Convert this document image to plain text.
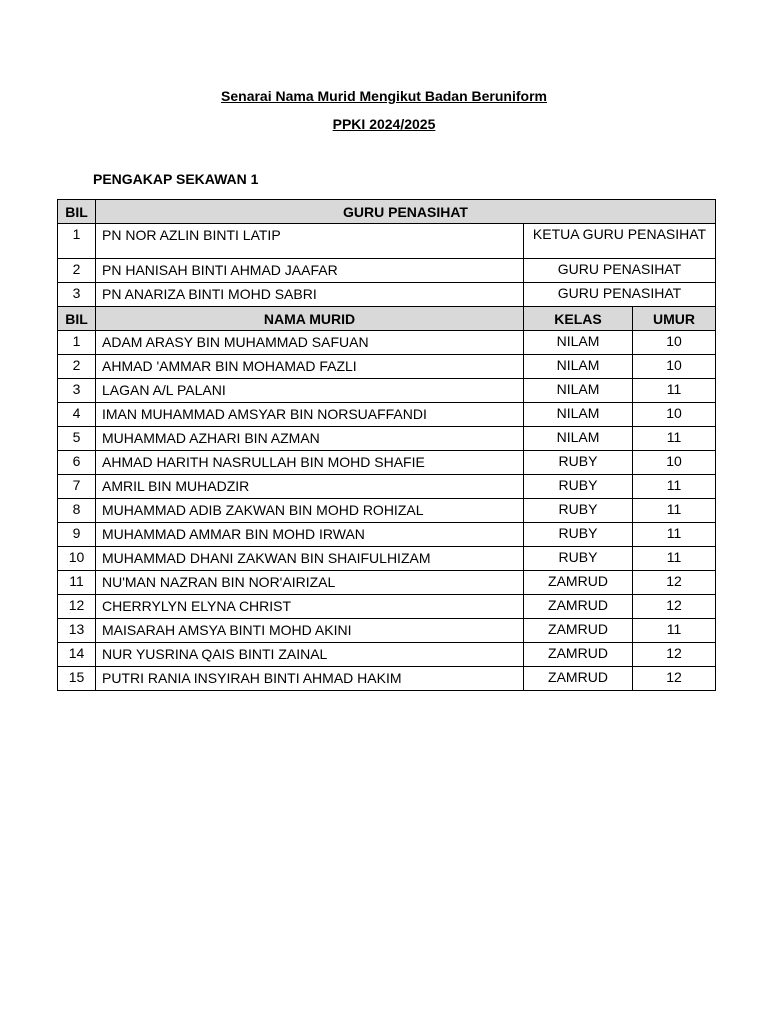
Senarai Nama Murid Mengikut Badan Beruniform
PPKI 2024/2025
PENGAKAP SEKAWAN 1
BIL	GURU PENASIHAT		
1	PN NOR AZLIN BINTI LATIP	KETUA GURU PENASIHAT	
2	PN HANISAH BINTI AHMAD JAAFAR	GURU PENASIHAT	
3	PN ANARIZA BINTI MOHD SABRI	GURU PENASIHAT	
BIL	NAMA MURID	KELAS	UMUR
1	ADAM ARASY BIN MUHAMMAD SAFUAN	NILAM	10
2	AHMAD 'AMMAR BIN MOHAMAD FAZLI	NILAM	10
3	LAGAN A/L PALANI	NILAM	11
4	IMAN MUHAMMAD AMSYAR BIN NORSUAFFANDI	NILAM	10
5	MUHAMMAD AZHARI BIN AZMAN	NILAM	11
6	AHMAD HARITH NASRULLAH BIN MOHD SHAFIE	RUBY	10
7	AMRIL BIN MUHADZIR	RUBY	11
8	MUHAMMAD ADIB ZAKWAN BIN MOHD ROHIZAL	RUBY	11
9	MUHAMMAD AMMAR BIN MOHD IRWAN	RUBY	11
10	MUHAMMAD DHANI ZAKWAN BIN SHAIFULHIZAM	RUBY	11
11	NU'MAN NAZRAN BIN NOR'AIRIZAL	ZAMRUD	12
12	CHERRYLYN ELYNA CHRIST	ZAMRUD	12
13	MAISARAH AMSYA BINTI MOHD AKINI	ZAMRUD	11
14	NUR YUSRINA QAIS BINTI ZAINAL	ZAMRUD	12
15	PUTRI RANIA INSYIRAH BINTI AHMAD HAKIM	ZAMRUD	12
